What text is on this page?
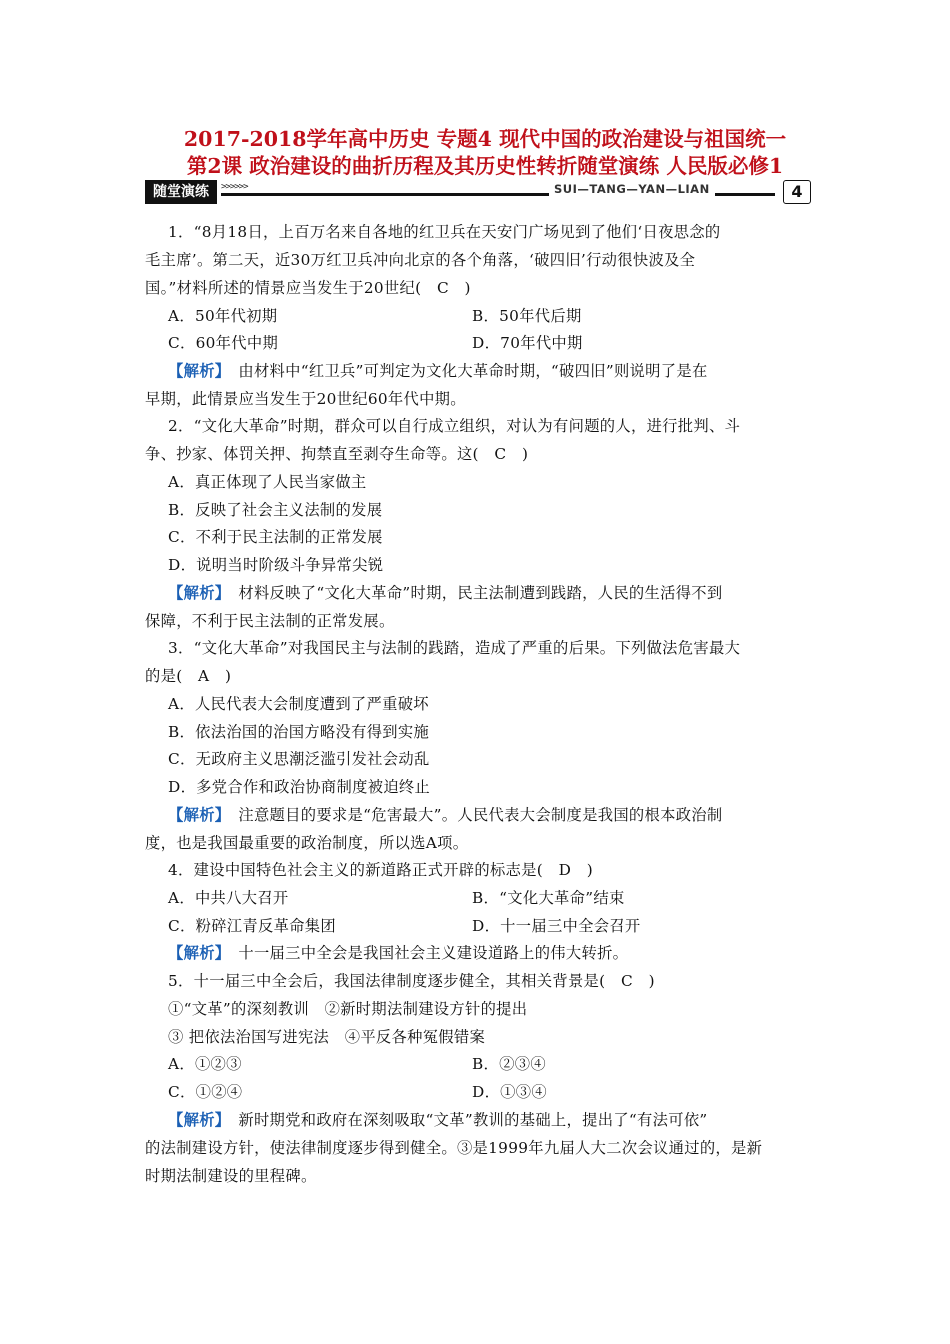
2017-2018学年高中历史 专题4 现代中国的政治建设与祖国统一
第2课 政治建设的曲折历程及其历史性转折随堂演练 人民版必修1
随堂演练	>>>>>>	SUI—TANG—YAN—LIAN	4
1．“8月18日，上百万名来自各地的红卫兵在天安门广场见到了他们‘日夜思念的
毛主席’。第二天，近30万红卫兵冲向北京的各个角落，‘破四旧’行动很快波及全
国。”材料所述的情景应当发生于20世纪(　C　)
A．50年代初期	B．50年代后期
C．60年代中期	D．70年代中期
【解析】　由材料中“红卫兵”可判定为文化大革命时期，“破四旧”则说明了是在
早期，此情景应当发生于20世纪60年代中期。
2．“文化大革命”时期，群众可以自行成立组织，对认为有问题的人，进行批判、斗
争、抄家、体罚关押、拘禁直至剥夺生命等。这(　C　)
A．真正体现了人民当家做主
B．反映了社会主义法制的发展
C．不利于民主法制的正常发展
D．说明当时阶级斗争异常尖锐
【解析】　材料反映了“文化大革命”时期，民主法制遭到践踏，人民的生活得不到
保障，不利于民主法制的正常发展。
3．“文化大革命”对我国民主与法制的践踏，造成了严重的后果。下列做法危害最大
的是(　A　)
A．人民代表大会制度遭到了严重破坏
B．依法治国的治国方略没有得到实施
C．无政府主义思潮泛滥引发社会动乱
D．多党合作和政治协商制度被迫终止
【解析】　注意题目的要求是“危害最大”。人民代表大会制度是我国的根本政治制
度，也是我国最重要的政治制度，所以选A项。
4．建设中国特色社会主义的新道路正式开辟的标志是(　D　)
A．中共八大召开	B．“文化大革命”结束
C．粉碎江青反革命集团	D．十一届三中全会召开
【解析】　十一届三中全会是我国社会主义建设道路上的伟大转折。
5．十一届三中全会后，我国法律制度逐步健全，其相关背景是(　C　)
①“文革”的深刻教训　②新时期法制建设方针的提出
③ 把依法治国写进宪法　④平反各种冤假错案
A．①②③	B．②③④
C．①②④	D．①③④
【解析】　新时期党和政府在深刻吸取“文革”教训的基础上，提出了“有法可依”
的法制建设方针，使法律制度逐步得到健全。③是1999年九届人大二次会议通过的，是新
时期法制建设的里程碑。
